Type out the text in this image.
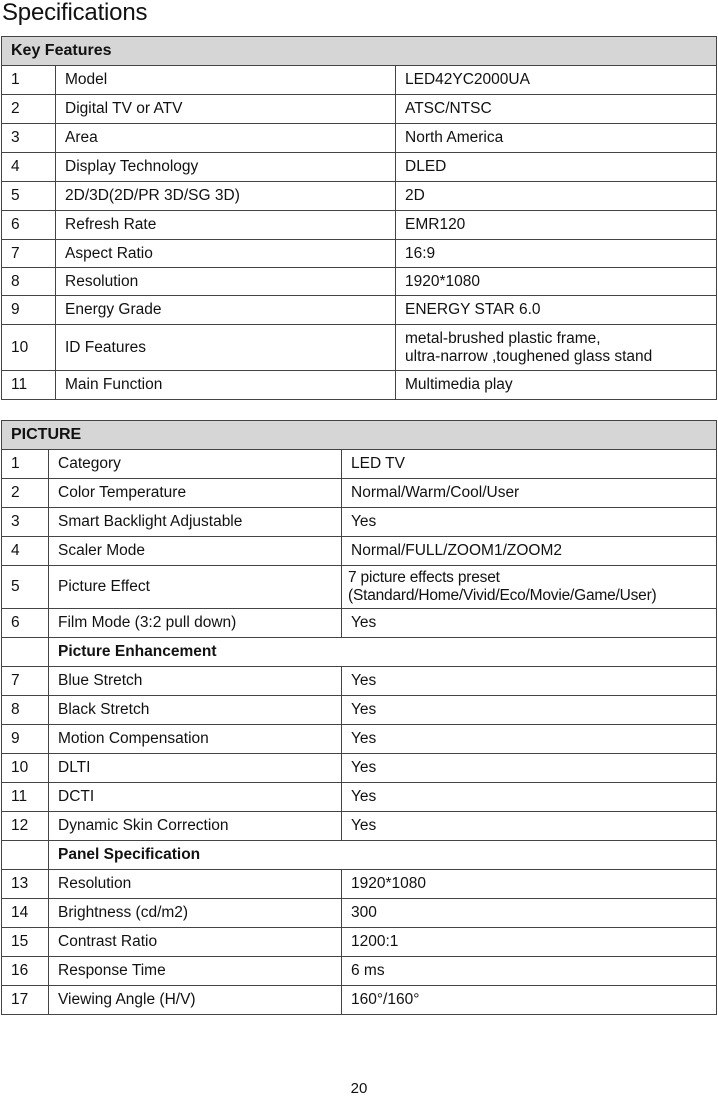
Specifications
Key Features		
1	Model	LED42YC2000UA
2	Digital TV or ATV	ATSC/NTSC
3	Area	North America
4	Display Technology	DLED
5	2D/3D(2D/PR 3D/SG 3D)	2D
6	Refresh Rate	EMR120
7	Aspect Ratio	16:9
8	Resolution	1920*1080
9	Energy Grade	ENERGY STAR 6.0
10	ID Features	metal-brushed plastic frame,
ultra-narrow ,toughened glass stand

11	Main Function	Multimedia play
PICTURE		
1	Category	LED TV
2	Color Temperature	Normal/Warm/Cool/User
3	Smart Backlight Adjustable	Yes
4	Scaler Mode	Normal/FULL/ZOOM1/ZOOM2
5	Picture Effect	7 picture effects preset
(Standard/Home/Vivid/Eco/Movie/Game/User)

6	Film Mode (3:2 pull down)	Yes
	Picture Enhancement	
7	Blue Stretch	Yes
8	Black Stretch	Yes
9	Motion Compensation	Yes
10	DLTI	Yes
11	DCTI	Yes
12	Dynamic Skin Correction	Yes
	Panel Specification	
13	Resolution	1920*1080
14	Brightness (cd/m2)	300
15	Contrast Ratio	1200:1
16	Response Time	6 ms
17	Viewing Angle (H/V)	160°/160°
20
